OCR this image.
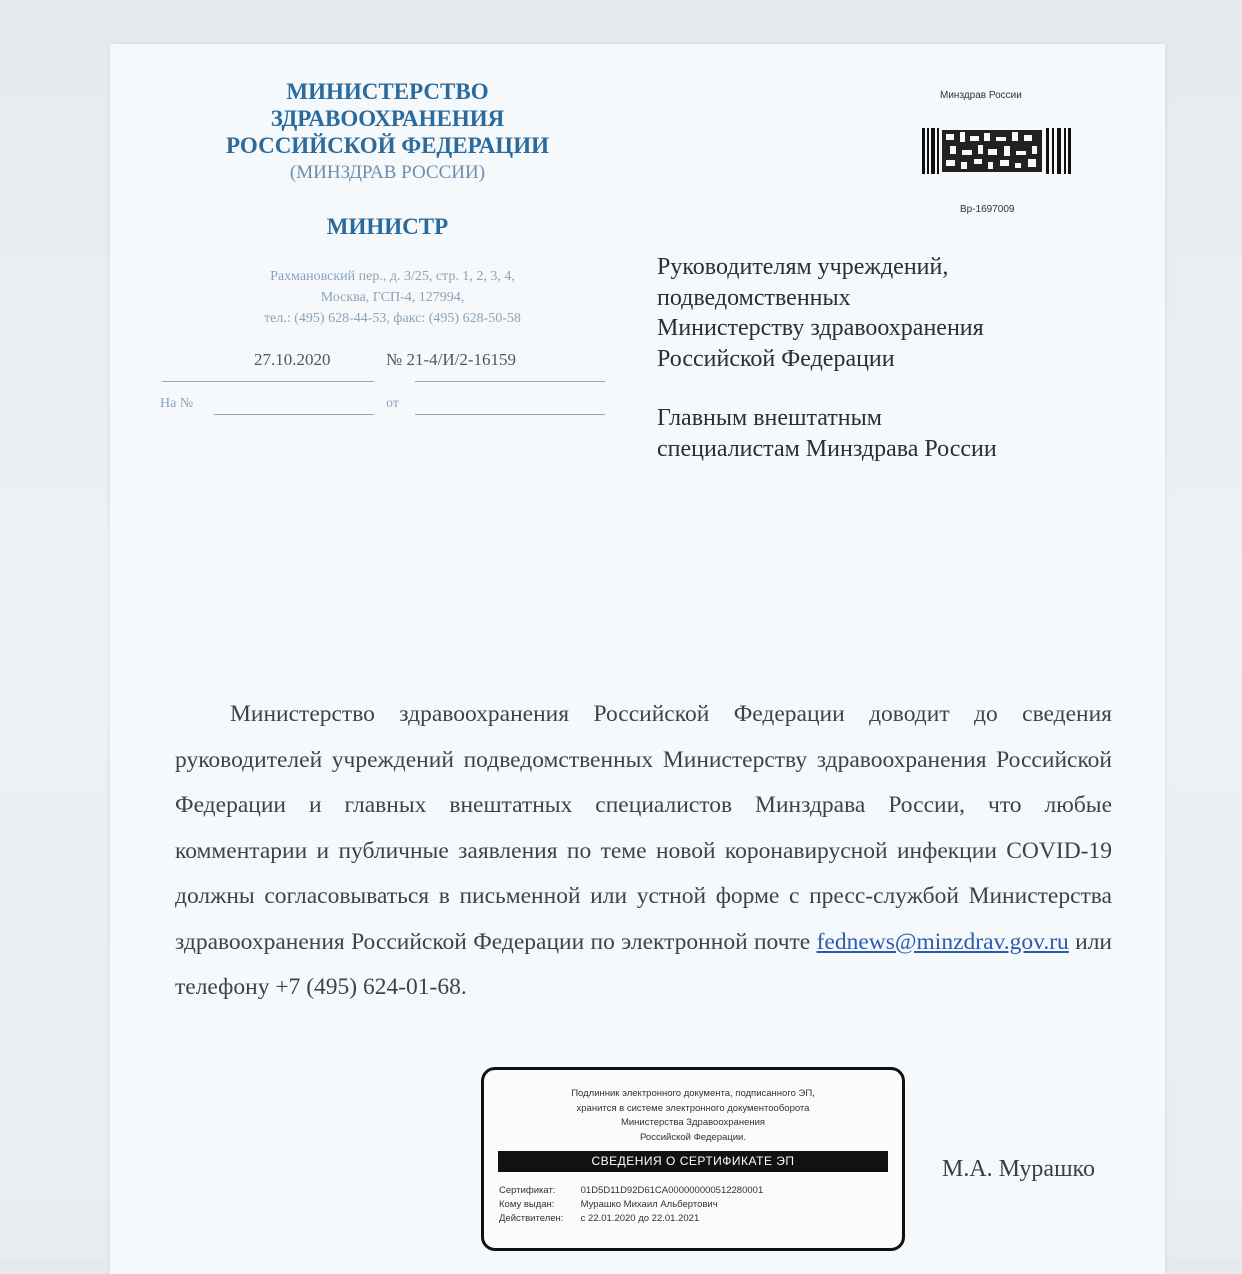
МИНИСТЕРСТВО
ЗДРАВООХРАНЕНИЯ
РОССИЙСКОЙ ФЕДЕРАЦИИ
(МИНЗДРАВ РОССИИ)
МИНИСТР
Рахмановский пер., д. 3/25, стр. 1, 2, 3, 4,
Москва, ГСП-4, 127994,
тел.: (495) 628-44-53, факс: (495) 628-50-58
27.10.2020	№ 21-4/И/2-16159
На №	от
Минздрав России
Вр-1697009

Руководителям учреждений,

подведомственных

Министерству здравоохранения

Российской Федерации

Главным внештатным

специалистам Минздрава России

Министерство здравоохранения Российской Федерации доводит до сведения руководителей учреждений подведомственных Министерству здравоохранения Российской Федерации и главных внештатных специалистов Минздрава России, что любые комментарии и публичные заявления по теме новой коронавирусной инфекции COVID-19 должны согласовываться в письменной или устной форме с пресс-службой Министерства здравоохранения Российской Федерации по электронной почте fednews@minzdrav.gov.ru или телефону +7 (495) 624-01-68.
Подлинник электронного документа, подписанного ЭП,
хранится в системе электронного документооборота
Министерства Здравоохранения
Российской Федерации.
СВЕДЕНИЯ О СЕРТИФИКАТЕ ЭП
Сертификат:	01D5D11D92D61CA000000000512280001
Кому выдан:	Мурашко Михаил Альбертович
Действителен: с 22.01.2020 до 22.01.2021
М.А. Мурашко
